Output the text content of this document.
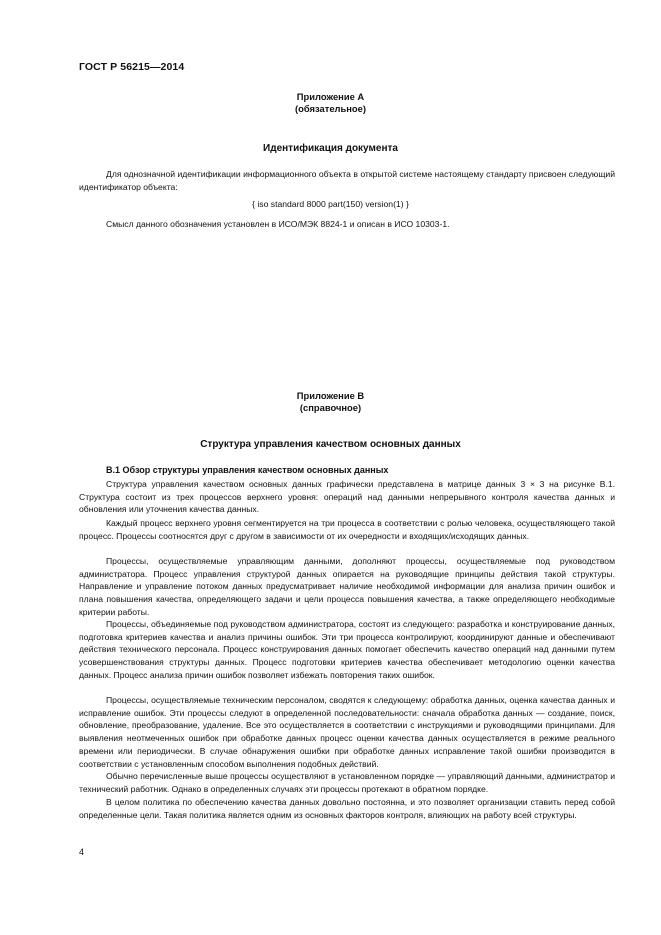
ГОСТ Р 56215—2014
Приложение А
(обязательное)
Идентификация документа

Для однозначной идентификации информационного объекта в открытой системе настоящему стандарту присвоен следующий идентификатор объекта:

{ iso standard 8000 part(150) version(1) }

Смысл данного обозначения установлен в ИСО/МЭК 8824-1 и описан в ИСО 10303-1.

Приложение В
(справочное)
Структура управления качеством основных данных
В.1 Обзор структуры управления качеством основных данных

Структура управления качеством основных данных графически представлена в матрице данных 3 × 3 на рисунке В.1. Структура состоит из трех процессов верхнего уровня: операций над данными непрерывного контроля качества данных и обновления или уточнения качества данных.

Каждый процесс верхнего уровня сегментируется на три процесса в соответствии с ролью человека, осуществляющего такой процесс. Процессы соотносятся друг с другом в зависимости от их очередности и входящих/исходящих данных.

Процессы, осуществляемые управляющим данными, дополняют процессы, осуществляемые под руководством администратора. Процесс управления структурой данных опирается на руководящие принципы действия такой структуры. Направление и управление потоком данных предусматривает наличие необходимой информации для анализа причин ошибок и плана повышения качества, определяющего задачи и цели процесса повышения качества, а также определяющего необходимые критерии работы.

Процессы, объединяемые под руководством администратора, состоят из следующего: разработка и конструирование данных, подготовка критериев качества и анализ причины ошибок. Эти три процесса контролируют, координируют данные и обеспечивают действия технического персонала. Процесс конструирования данных помогает обеспечить качество операций над данными путем усовершенствования структуры данных. Процесс подготовки критериев качества обеспечивает методологию оценки качества данных. Процесс анализа причин ошибок позволяет избежать повторения таких ошибок.

Процессы, осуществляемые техническим персоналом, сводятся к следующему: обработка данных, оценка качества данных и исправление ошибок. Эти процессы следуют в определенной последовательности: сначала обработка данных — создание, поиск, обновление, преобразование, удаление. Все это осуществляется в соответствии с инструкциями и руководящими принципами. Для выявления неотмеченных ошибок при обработке данных процесс оценки качества данных осуществляется в режиме реального времени или периодически. В случае обнаружения ошибки при обработке данных исправление такой ошибки производится в соответствии с установленным способом выполнения подобных действий.

Обычно перечисленные выше процессы осуществляют в установленном порядке — управляющий данными, администратор и технический работник. Однако в определенных случаях эти процессы протекают в обратном порядке.

В целом политика по обеспечению качества данных довольно постоянна, и это позволяет организации ставить перед собой определенные цели. Такая политика является одним из основных факторов контроля, влияющих на работу всей структуры.

4
